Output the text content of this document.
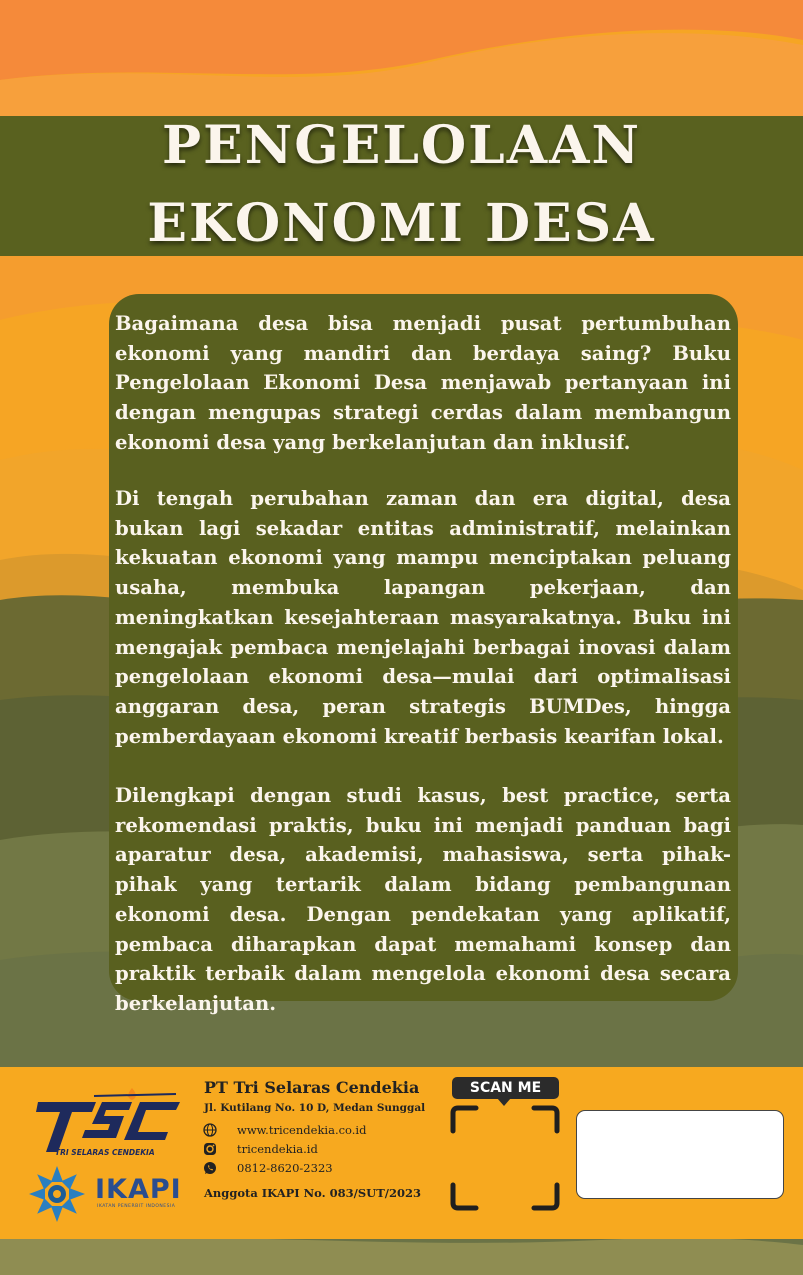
PENGELOLAAN
EKONOMI DESA

Bagaimana desa bisa menjadi pusat pertumbuhan ekonomi yang mandiri dan berdaya saing? Buku Pengelolaan Ekonomi Desa menjawab pertanyaan ini dengan mengupas strategi cerdas dalam membangun ekonomi desa yang berkelanjutan dan inklusif.

Di tengah perubahan zaman dan era digital, desa bukan lagi sekadar entitas administratif, melainkan kekuatan ekonomi yang mampu menciptakan peluang usaha, membuka lapangan pekerjaan, dan meningkatkan kesejahteraan masyarakatnya. Buku ini mengajak pembaca menjelajahi berbagai inovasi dalam pengelolaan ekonomi desa—mulai dari optimalisasi anggaran desa, peran strategis BUMDes, hingga pemberdayaan ekonomi kreatif berbasis kearifan lokal.

Dilengkapi dengan studi kasus, best practice, serta rekomendasi praktis, buku ini menjadi panduan bagi aparatur desa, akademisi, mahasiswa, serta pihak-pihak yang tertarik dalam bidang pembangunan ekonomi desa. Dengan pendekatan yang aplikatif, pembaca diharapkan dapat memahami konsep dan praktik terbaik dalam mengelola ekonomi desa secara berkelanjutan.

TRI SELARAS CENDEKIA
IKAPI
IKATAN PENERBIT INDONESIA
PT Tri Selaras Cendekia
Jl. Kutilang No. 10 D, Medan Sunggal
www.tricendekia.co.id
tricendekia.id
0812-8620-2323
Anggota IKAPI No. 083/SUT/2023
SCAN ME
